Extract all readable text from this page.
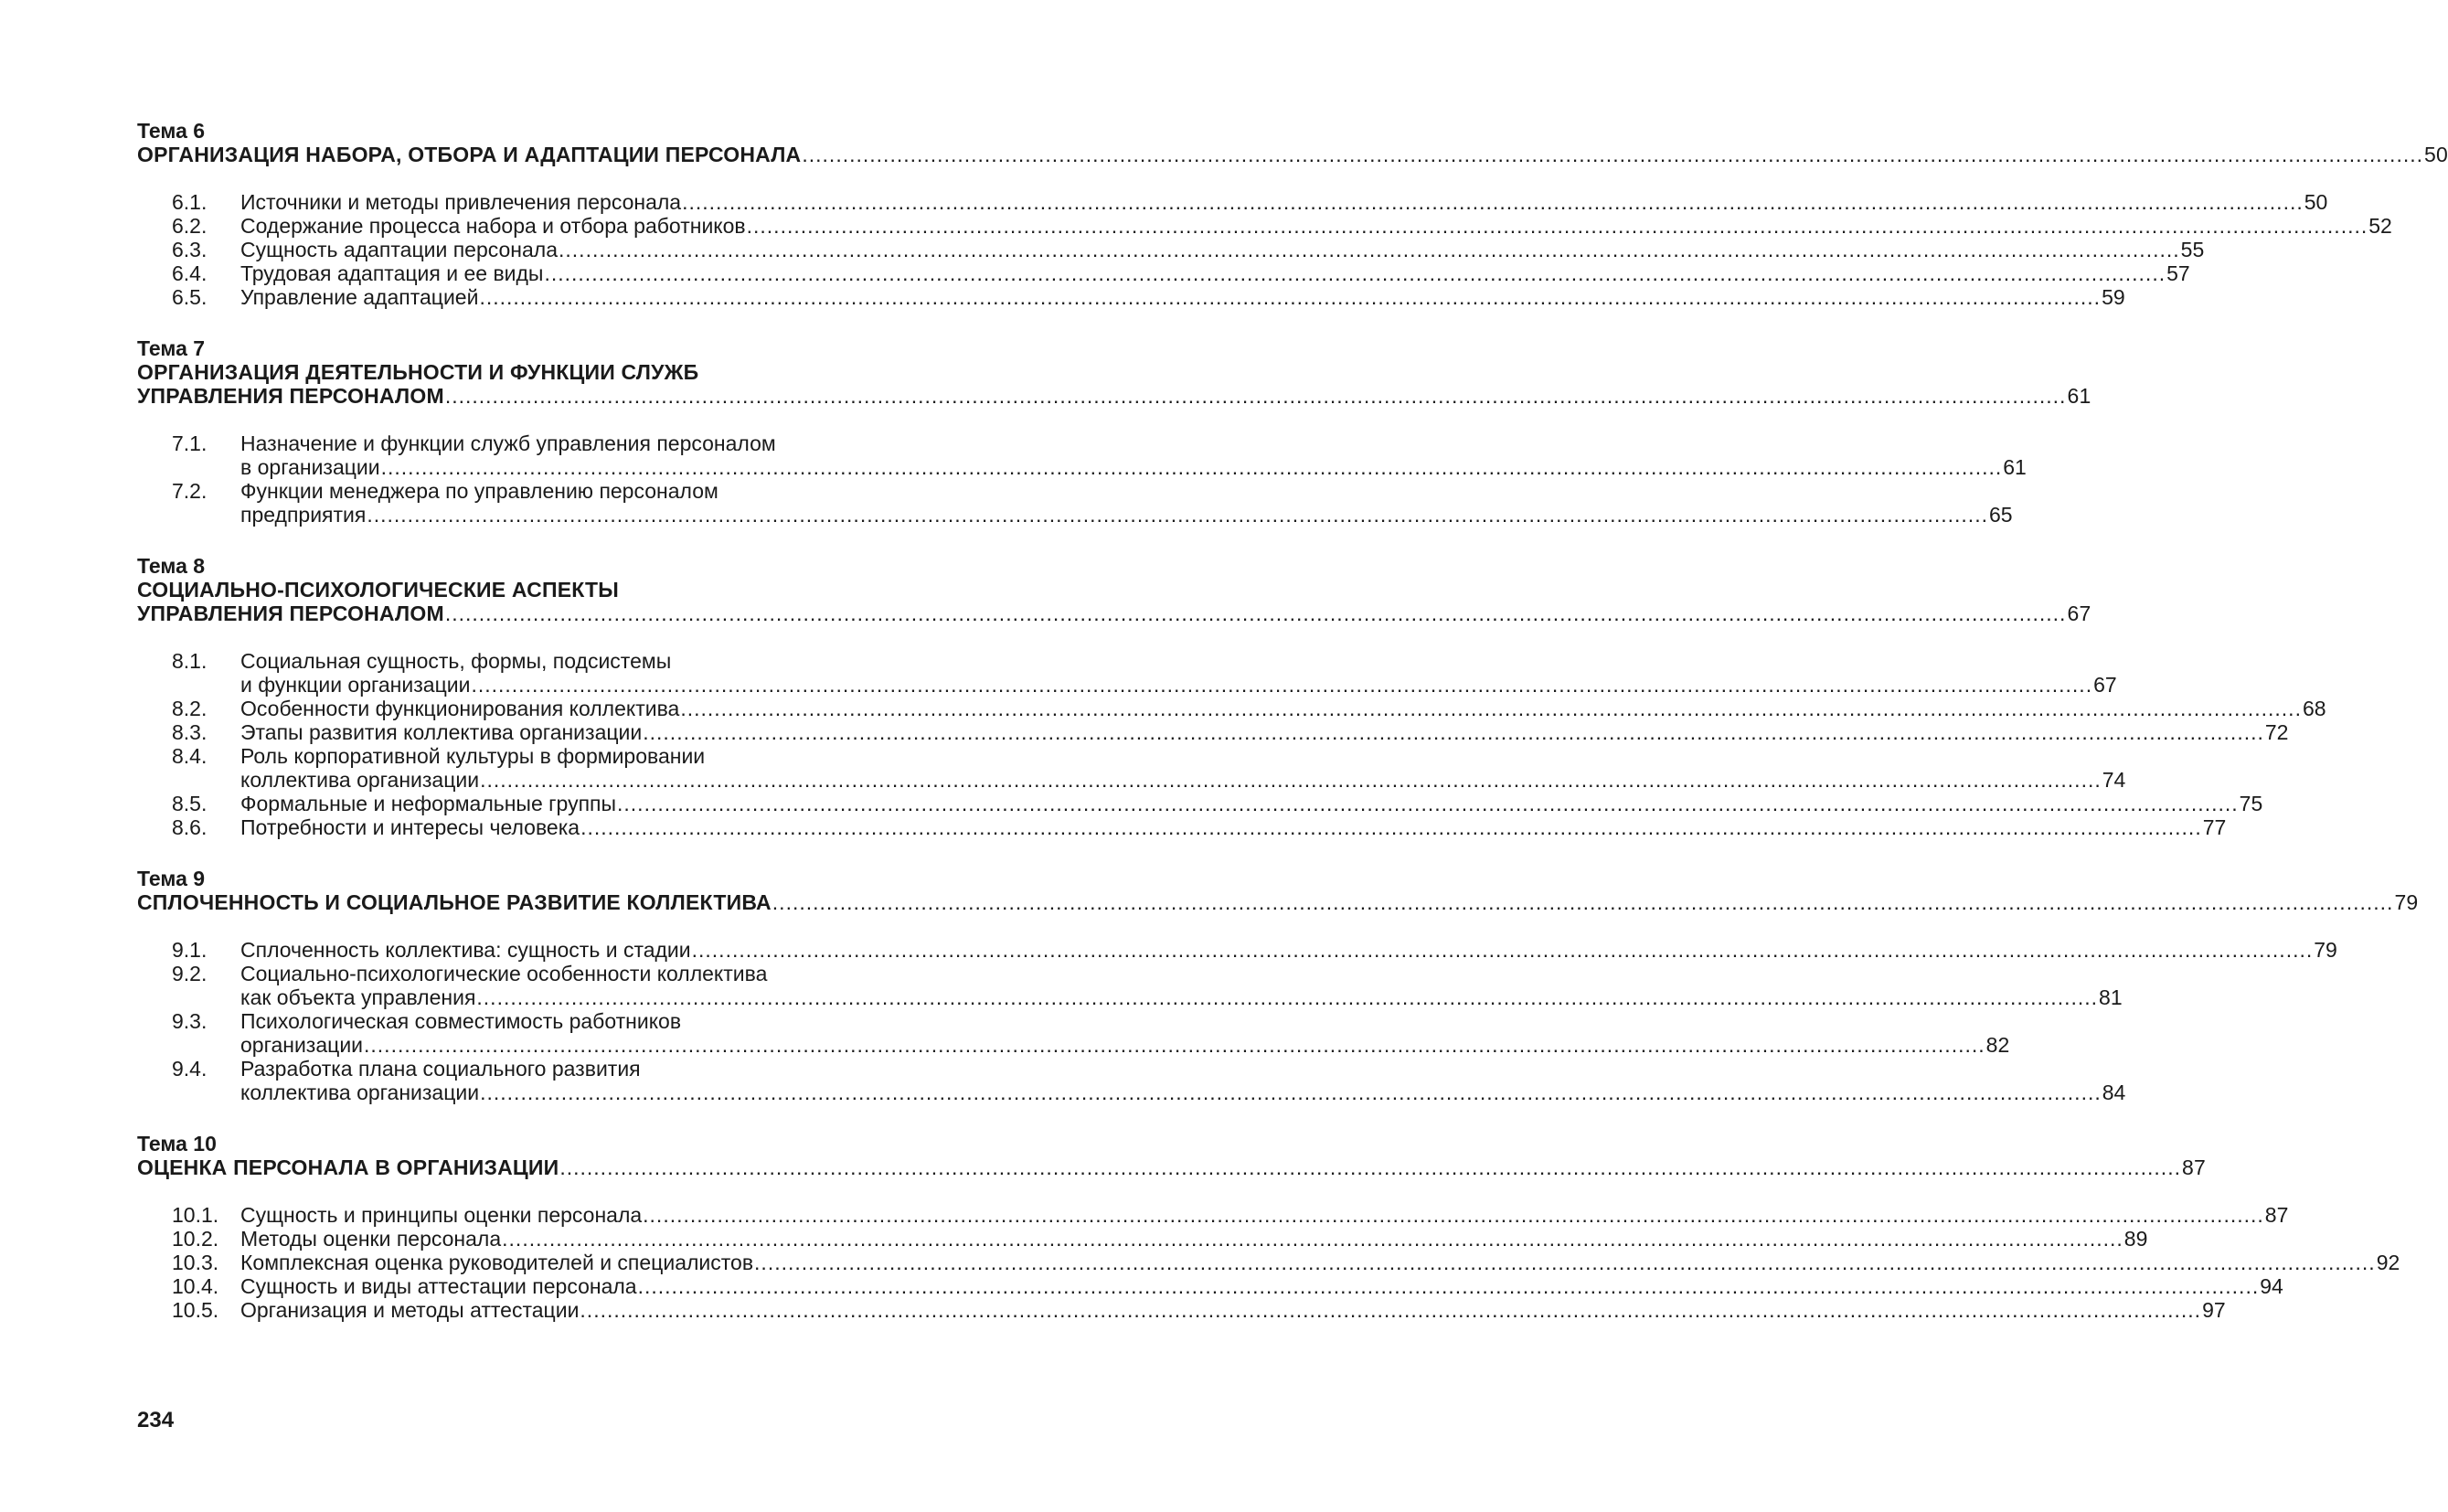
Тема 6
ОРГАНИЗАЦИЯ НАБОРА, ОТБОРА И АДАПТАЦИИ ПЕРСОНАЛА .....	50
6.1.	Источники и методы привлечения персонала .....	50
6.2.	Содержание процесса набора и отбора работников .....	52
6.3.	Сущность адаптации персонала .....	55
6.4.	Трудовая адаптация и ее виды .....	57
6.5.	Управление адаптацией .....	59
Тема 7
ОРГАНИЗАЦИЯ ДЕЯТЕЛЬНОСТИ И ФУНКЦИИ СЛУЖБ
УПРАВЛЕНИЯ ПЕРСОНАЛОМ .....	61
7.1.	Назначение и функции служб управления персоналом
в организации .....	61
7.2.	Функции менеджера по управлению персоналом
предприятия .....	65
Тема 8
СОЦИАЛЬНО-ПСИХОЛОГИЧЕСКИЕ АСПЕКТЫ
УПРАВЛЕНИЯ ПЕРСОНАЛОМ .....	67
8.1.	Социальная сущность, формы, подсистемы
и функции организации .....	67
8.2.	Особенности функционирования коллектива .....	68
8.3.	Этапы развития коллектива организации .....	72
8.4.	Роль корпоративной культуры в формировании
коллектива организации .....	74
8.5.	Формальные и неформальные группы .....	75
8.6.	Потребности и интересы человека .....	77
Тема 9
СПЛОЧЕННОСТЬ И СОЦИАЛЬНОЕ РАЗВИТИЕ КОЛЛЕКТИВА .....	79
9.1.	Сплоченность коллектива: сущность и стадии .....	79
9.2.	Социально-психологические особенности коллектива
как объекта управления .....	81
9.3.	Психологическая совместимость работников
организации .....	82
9.4.	Разработка плана социального развития
коллектива организации .....	84
Тема 10
ОЦЕНКА ПЕРСОНАЛА В ОРГАНИЗАЦИИ .....	87
10.1.	Сущность и принципы оценки персонала .....	87
10.2.	Методы оценки персонала .....	89
10.3.	Комплексная оценка руководителей и специалистов .....	92
10.4.	Сущность и виды аттестации персонала .....	94
10.5.	Организация и методы аттестации .....	97
234
